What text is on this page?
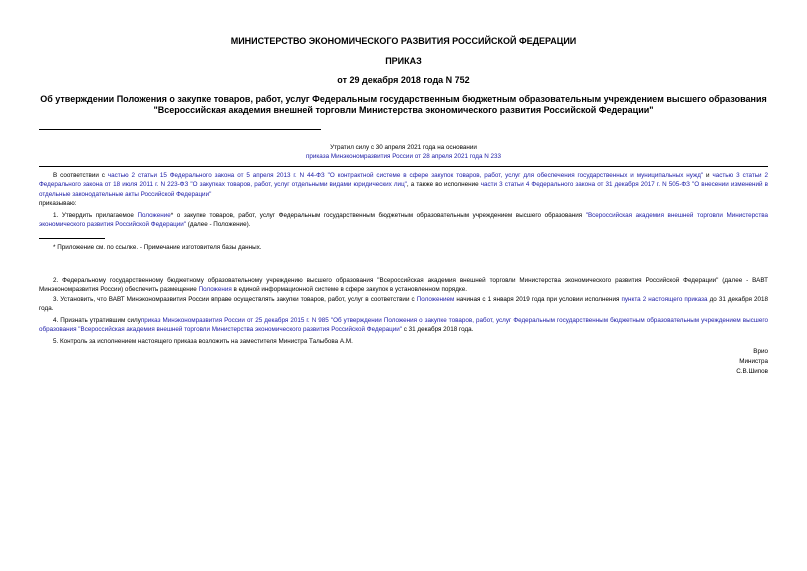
МИНИСТЕРСТВО ЭКОНОМИЧЕСКОГО РАЗВИТИЯ РОССИЙСКОЙ ФЕДЕРАЦИИ
ПРИКАЗ
от 29 декабря 2018 года N 752
Об утверждении Положения о закупке товаров, работ, услуг Федеральным государственным бюджетным образовательным учреждением высшего образования
"Всероссийская академия внешней торговли Министерства экономического развития Российской Федерации"
Утратил силу с 30 апреля 2021 года на основании
приказа Минэкономразвития России от 28 апреля 2021 года N 233
В соответствии с частью 2 статьи 15 Федерального закона от 5 апреля 2013 г. N 44-ФЗ "О контрактной системе в сфере закупок товаров, работ, услуг для обеспечения государственных и муниципальных нужд" и частью 3 статьи 2 Федерального закона от 18 июля 2011 г. N 223-ФЗ "О закупках товаров, работ, услуг отдельными видами юридических лиц", а также во исполнение части 3 статьи 4 Федерального закона от 31 декабря 2017 г. N 505-ФЗ "О внесении изменений в отдельные законодательные акты Российской Федерации"
приказываю:
1. Утвердить прилагаемое Положение* о закупке товаров, работ, услуг Федеральным государственным бюджетным образовательным учреждением высшего образования "Всероссийская академия внешней торговли Министерства экономического развития Российской Федерации" (далее - Положение).
* Приложение см. по ссылке. - Примечание изготовителя базы данных.
2. Федеральному государственному бюджетному образовательному учреждению высшего образования "Всероссийская академия внешней торговли Министерства экономического развития Российской Федерации" (далее - ВАВТ Минэкономразвития России) обеспечить размещение Положения в единой информационной системе в сфере закупок в установленном порядке.
3. Установить, что ВАВТ Минэкономразвития России вправе осуществлять закупки товаров, работ, услуг в соответствии с Положением начиная с 1 января 2019 года при условии исполнения пункта 2 настоящего приказа до 31 декабря 2018 года.
4. Признать утратившим силуприказ Минэкономразвития России от 25 декабря 2015 г. N 985 "Об утверждении Положения о закупке товаров, работ, услуг Федеральным государственным бюджетным образовательным учреждением высшего образования "Всероссийская академия внешней торговли Министерства экономического развития Российской Федерации" с 31 декабря 2018 года.
5. Контроль за исполнением настоящего приказа возложить на заместителя Министра Талыбова А.М.
Врио
Министра
С.В.Шипов
